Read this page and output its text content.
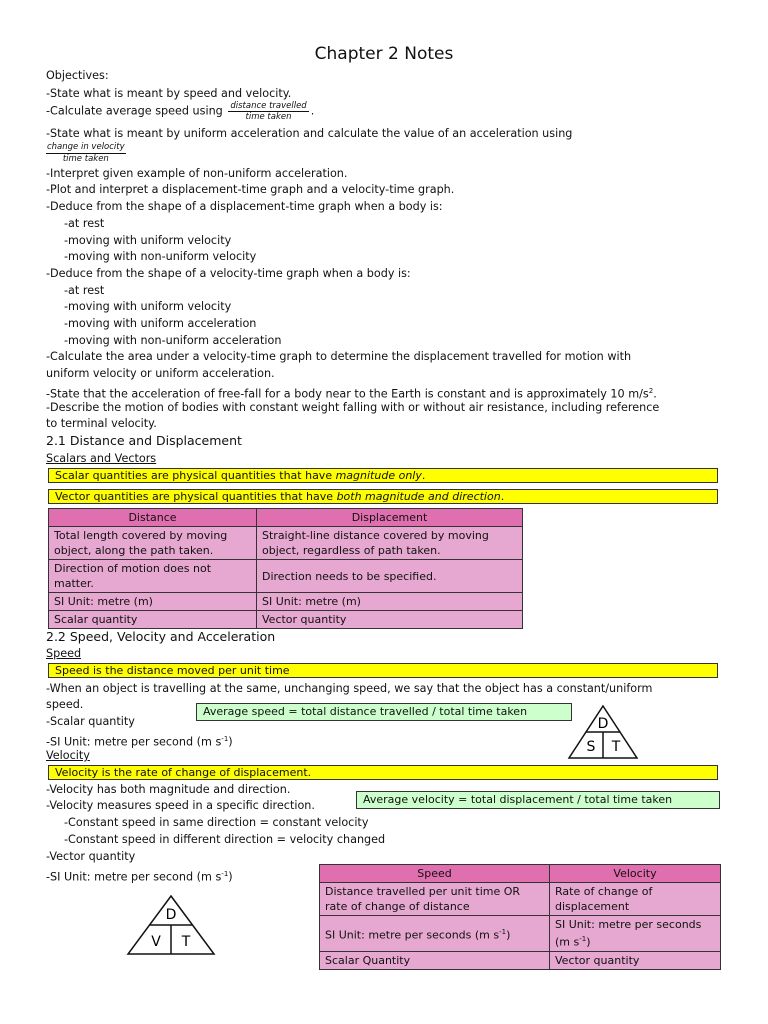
Chapter 2 Notes
Objectives:
-State what is meant by speed and velocity.
-Calculate average speed using $\frac{\text{distance travelled}}{\text{time taken}}$ .
-State what is meant by uniform acceleration and calculate the value of an acceleration using
change in velocity
time taken
-Interpret given example of non-uniform acceleration.
-Plot and interpret a displacement-time graph and a velocity-time graph.
-Deduce from the shape of a displacement-time graph when a body is:
-at rest
-moving with uniform velocity
-moving with non-uniform velocity
-Deduce from the shape of a velocity-time graph when a body is:
-at rest
-moving with uniform velocity
-moving with uniform acceleration
-moving with non-uniform acceleration
-Calculate the area under a velocity-time graph to determine the displacement travelled for motion with
uniform velocity or uniform acceleration.
-State that the acceleration of free-fall for a body near to the Earth is constant and is approximately 10 $m/s^2$.
-Describe the motion of bodies with constant weight falling with or without air resistance, including reference
to terminal velocity.
2.1 Distance and Displacement
Scalars and Vectors
Scalar quantities are physical quantities that have magnitude only.
Vector quantities are physical quantities that have both magnitude and direction.
Distance	Displacement
Total length covered by moving object, along the path taken.	Straight-line distance covered by moving object, regardless of path taken.
Direction of motion does not matter.	Direction needs to be specified.
SI Unit: metre (m)	SI Unit: metre (m)
Scalar quantity	Vector quantity
2.2 Speed, Velocity and Acceleration
Speed
Speed is the distance moved per unit time
-When an object is travelling at the same, unchanging speed, we say that the object has a constant/uniform
speed.
-Scalar quantity
-SI Unit: metre per second (m $s^{-1}$)
Average speed = total distance travelled / total time taken
D
S T
Velocity
Velocity is the rate of change of displacement.
-Velocity has both magnitude and direction.
-Velocity measures speed in a specific direction.
-Constant speed in same direction = constant velocity
-Constant speed in different direction = velocity changed
-Vector quantity
-SI Unit: metre per second (m $s^{-1}$)
Average velocity = total displacement / total time taken
D
V T
Speed	Velocity
Distance travelled per unit time OR rate of change of distance	Rate of change of displacement
SI Unit: metre per seconds (m $s^{-1}$)	SI Unit: metre per seconds (m $s^{-1}$)
Scalar Quantity	Vector quantity
